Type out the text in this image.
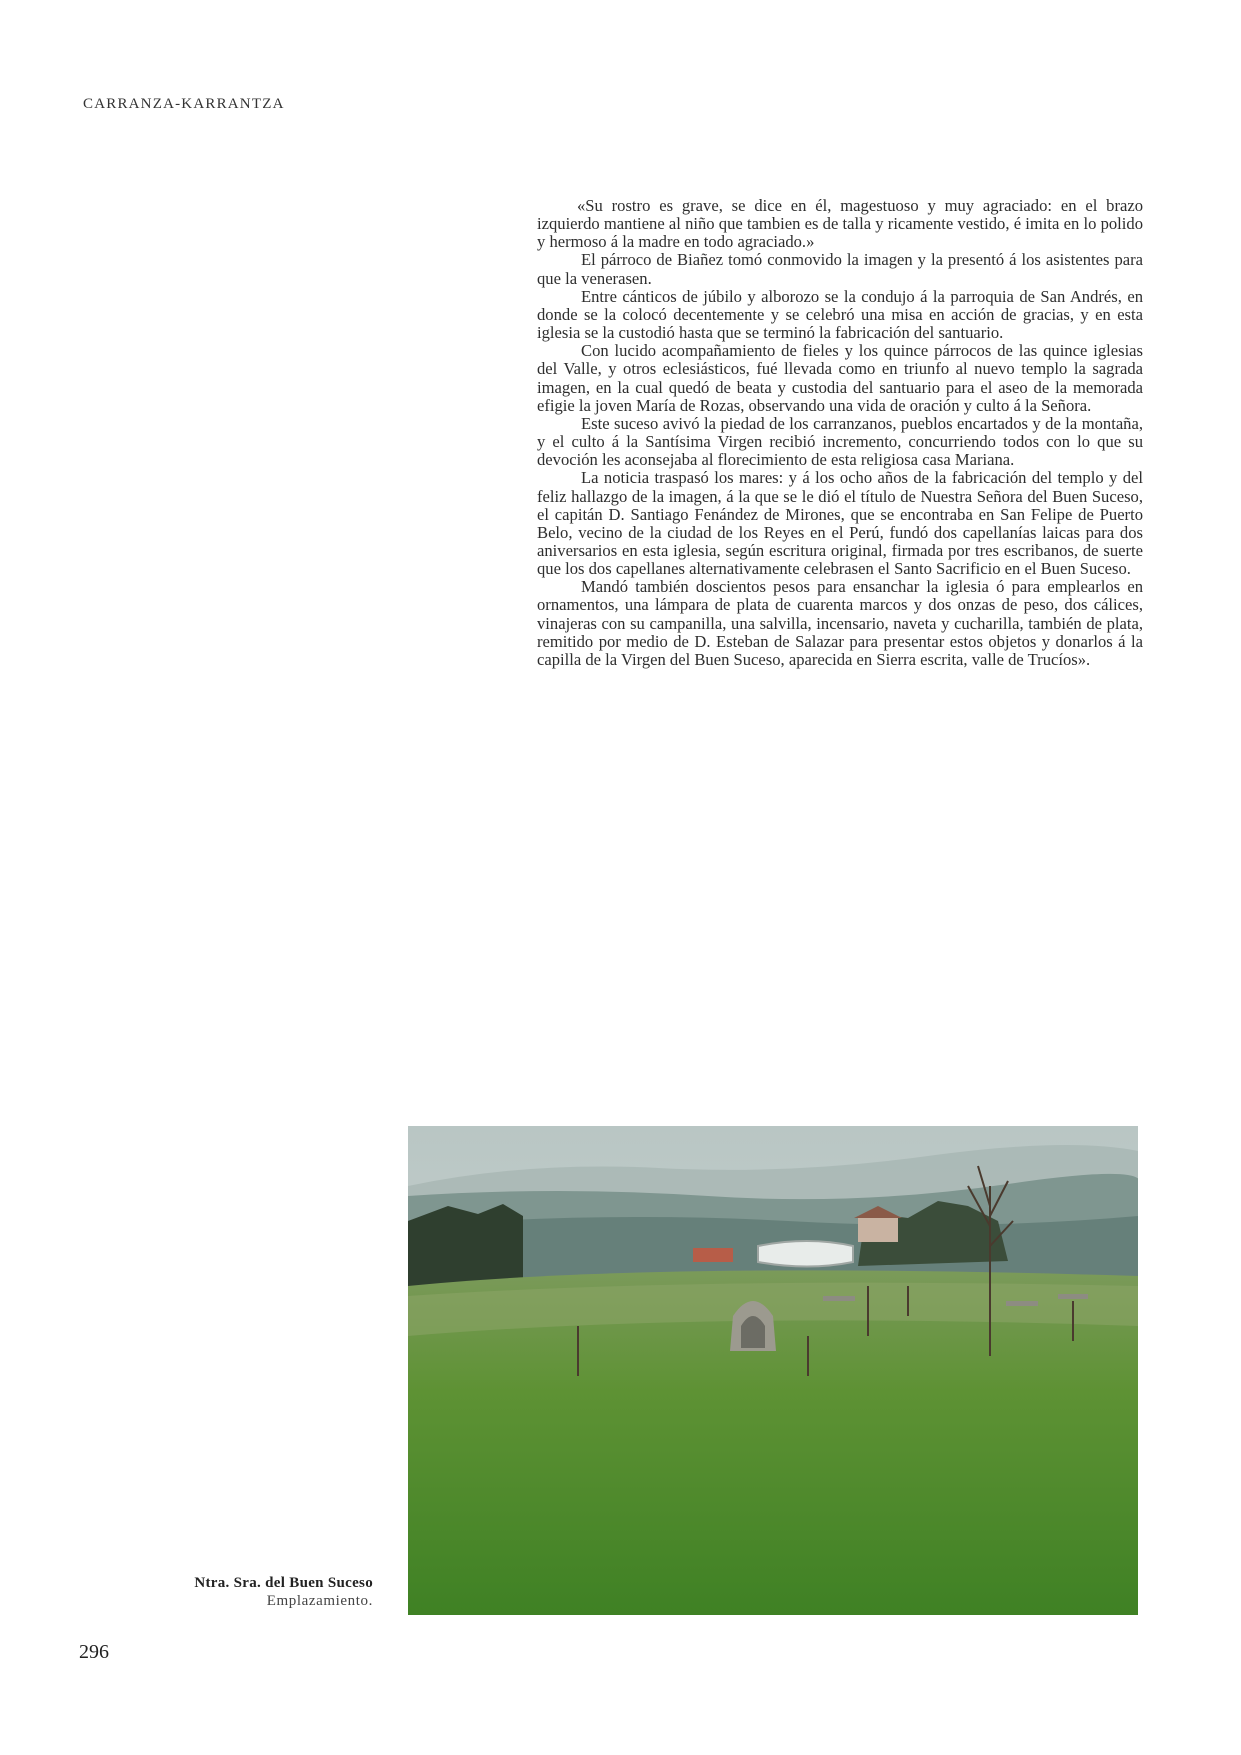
CARRANZA-KARRANTZA

«Su rostro es grave, se dice en él, magestuoso y muy agraciado: en el brazo izquierdo mantiene al niño que tambien es de talla y ricamente vestido, é imita en lo polido y hermoso á la madre en todo agraciado.»

El párroco de Biañez tomó conmovido la imagen y la presentó á los asistentes para que la venerasen.

Entre cánticos de júbilo y alborozo se la condujo á la parroquia de San Andrés, en donde se la colocó decentemente y se celebró una misa en acción de gracias, y en esta iglesia se la custodió hasta que se terminó la fabricación del santuario.

Con lucido acompañamiento de fieles y los quince párrocos de las quince iglesias del Valle, y otros eclesiásticos, fué llevada como en triunfo al nuevo templo la sagrada imagen, en la cual quedó de beata y custodia del santuario para el aseo de la memorada efigie la joven María de Rozas, observando una vida de oración y culto á la Señora.

Este suceso avivó la piedad de los carranzanos, pueblos encartados y de la montaña, y el culto á la Santísima Virgen recibió incremento, concurriendo todos con lo que su devoción les aconsejaba al florecimiento de esta religiosa casa Mariana.

La noticia traspasó los mares: y á los ocho años de la fabricación del templo y del feliz hallazgo de la imagen, á la que se le dió el título de Nuestra Señora del Buen Suceso, el capitán D. Santiago Fenández de Mirones, que se encontraba en San Felipe de Puerto Belo, vecino de la ciudad de los Reyes en el Perú, fundó dos capellanías laicas para dos aniversarios en esta iglesia, según escritura original, firmada por tres escribanos, de suerte que los dos capellanes alternativamente celebrasen el Santo Sacrificio en el Buen Suceso.

Mandó también doscientos pesos para ensanchar la iglesia ó para emplearlos en ornamentos, una lámpara de plata de cuarenta marcos y dos onzas de peso, dos cálices, vinajeras con su campanilla, una salvilla, incensario, naveta y cucharilla, también de plata, remitido por medio de D. Esteban de Salazar para presentar estos objetos y donarlos á la capilla de la Virgen del Buen Suceso, aparecida en Sierra escrita, valle de Trucíos».

Ntra. Sra. del Buen Suceso
Emplazamiento.
296
